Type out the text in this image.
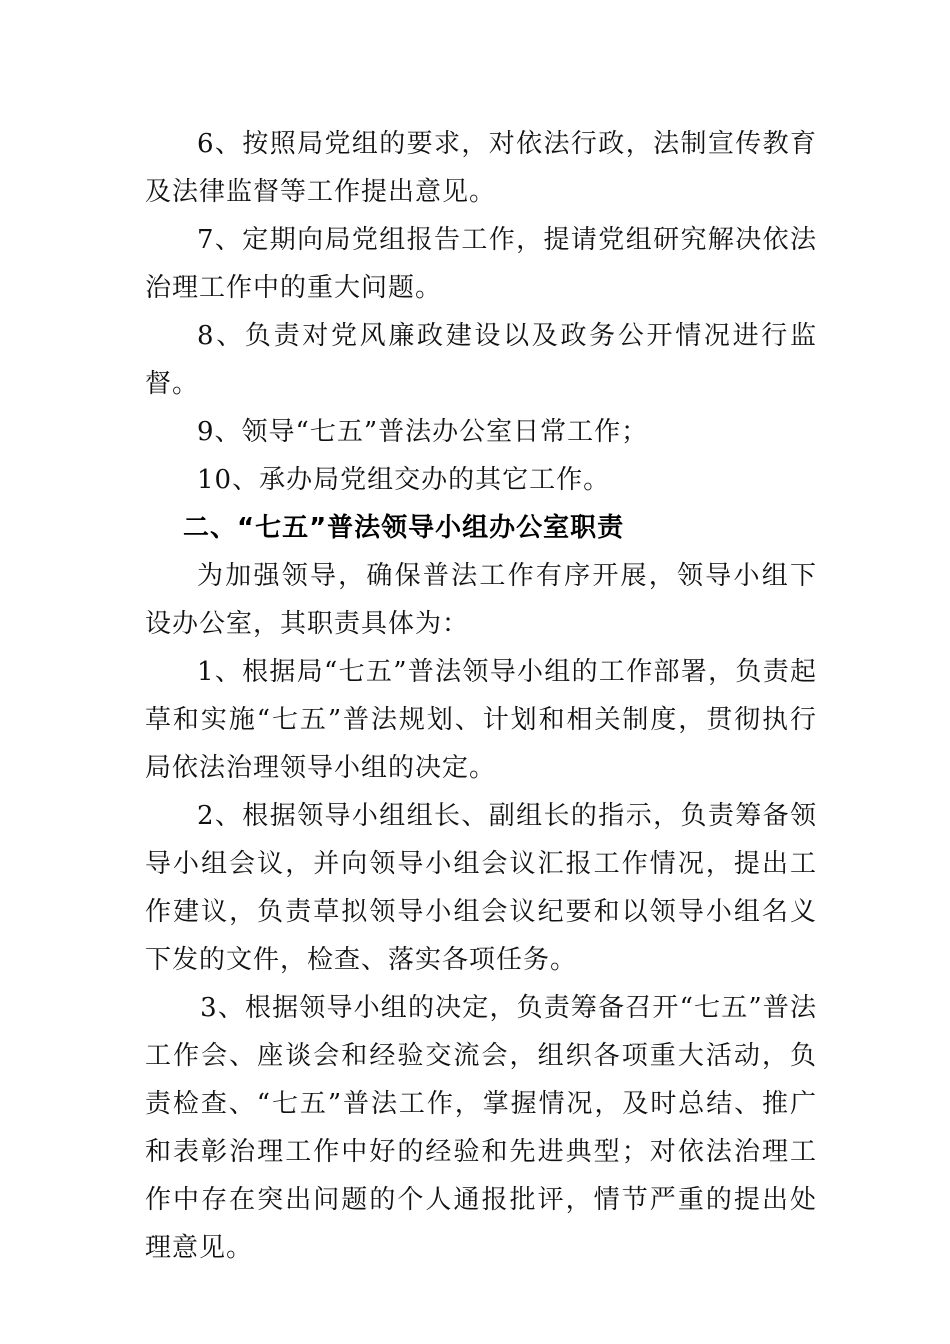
6、按照局党组的要求，对依法行政，法制宣传教育及法律监督等工作提出意见。

7、定期向局党组报告工作，提请党组研究解决依法治理工作中的重大问题。

8、负责对党风廉政建设以及政务公开情况进行监督。

9、领导“七五”普法办公室日常工作；

10、承办局党组交办的其它工作。

二、“七五”普法领导小组办公室职责

为加强领导，确保普法工作有序开展，领导小组下设办公室，其职责具体为：

1、根据局“七五”普法领导小组的工作部署，负责起草和实施“七五”普法规划、计划和相关制度，贯彻执行局依法治理领导小组的决定。

2、根据领导小组组长、副组长的指示，负责筹备领导小组会议，并向领导小组会议汇报工作情况，提出工作建议，负责草拟领导小组会议纪要和以领导小组名义下发的文件，检查、落实各项任务。

3、根据领导小组的决定，负责筹备召开“七五”普法工作会、座谈会和经验交流会，组织各项重大活动，负责检查、“七五”普法工作，掌握情况，及时总结、推广和表彰治理工作中好的经验和先进典型；对依法治理工作中存在突出问题的个人通报批评，情节严重的提出处理意见。
